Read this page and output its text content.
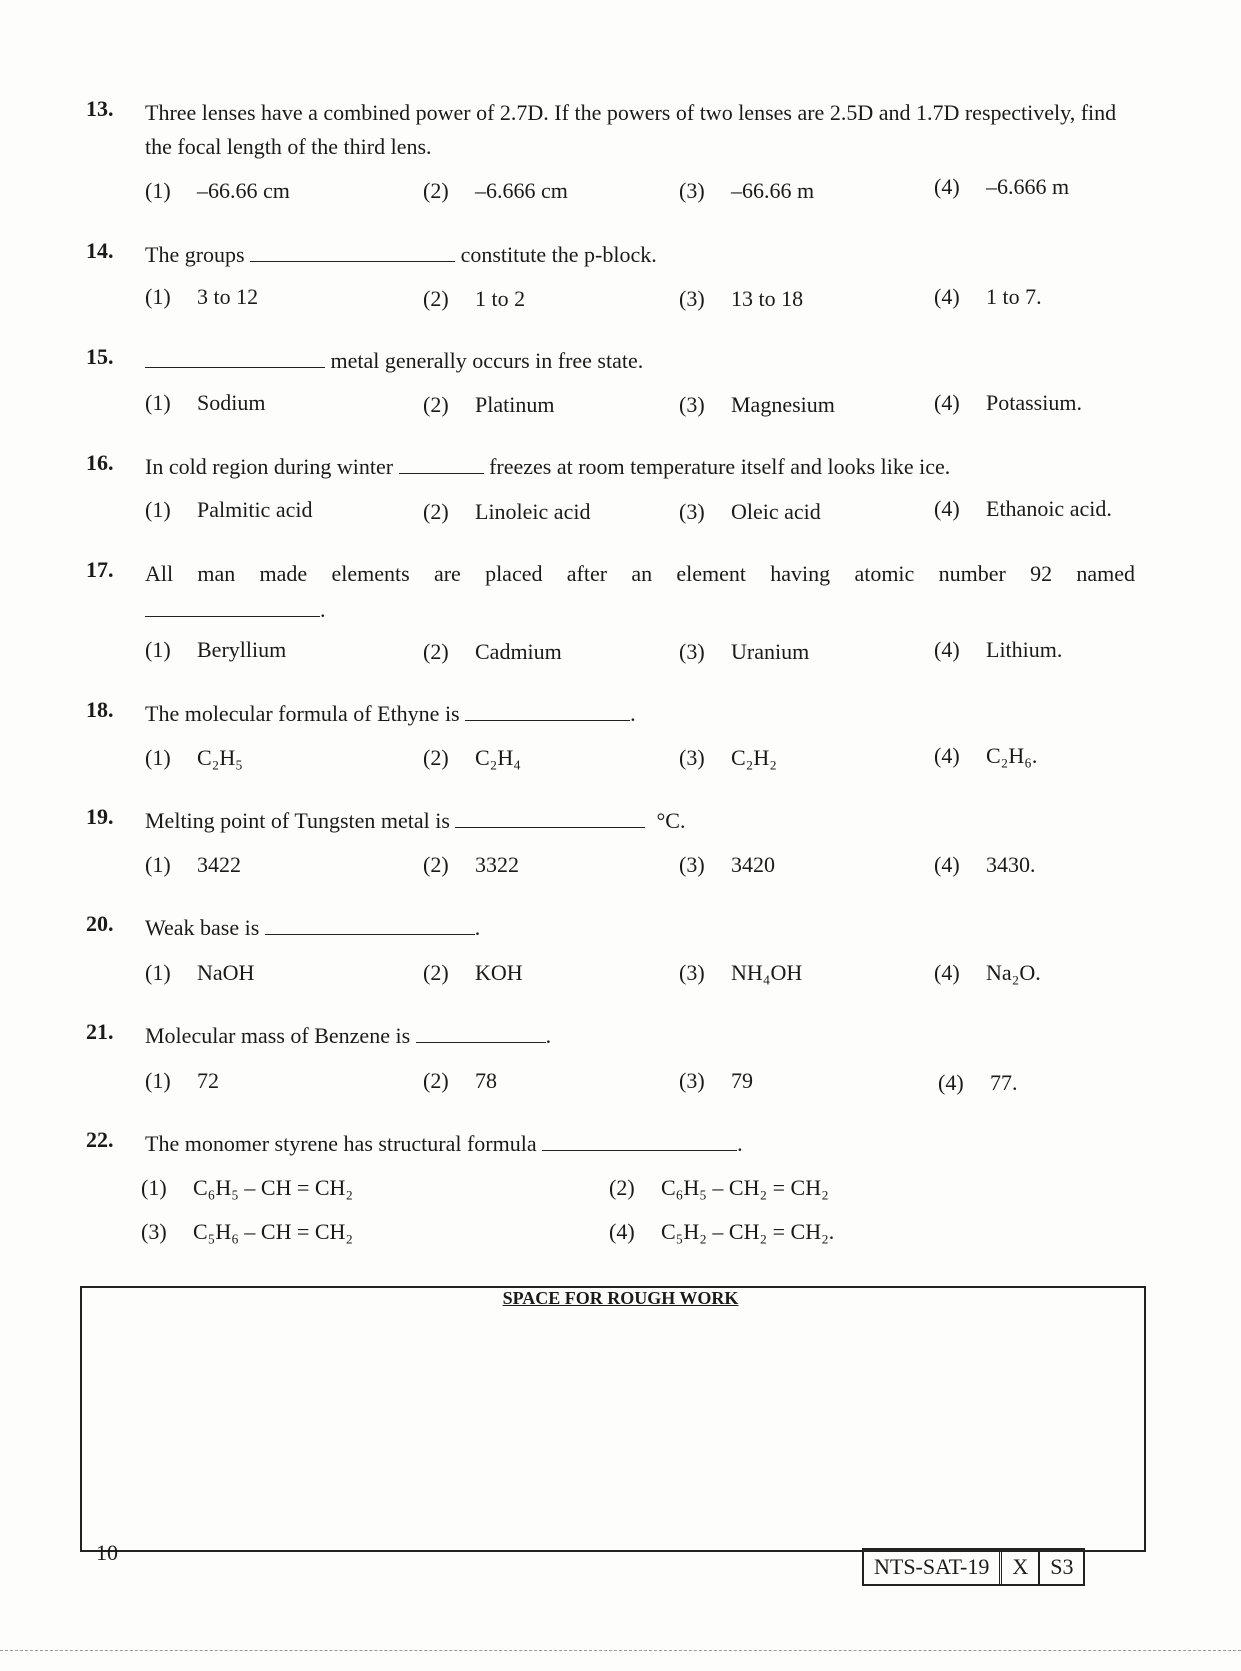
13. Three lenses have a combined power of 2.7D. If the powers of two lenses are 2.5D and 1.7D respectively, find the focal length of the third lens.
(1) –66.66 cm	(2) –6.666 cm	(3) –66.66 m	(4) –6.666 m
14. The groups	constitute the p-block.
(1) 3 to 12	(2) 1 to 2	(3) 13 to 18	(4) 1 to 7.
15.	metal generally occurs in free state.
(1) Sodium	(2) Platinum	(3) Magnesium	(4) Potassium.
16. In cold region during winter	freezes at room temperature itself and looks like ice.
(1) Palmitic acid	(2) Linoleic acid	(3) Oleic acid	(4) Ethanoic acid.
17. All man made elements are placed after an element having atomic number 92 named
.
(1) Beryllium	(2) Cadmium	(3) Uranium	(4) Lithium.
18. The molecular formula of Ethyne is	.
(1) C₂H₅	(2) C₂H₄	(3) C₂H₂	(4) C₂H₆.
19. Melting point of Tungsten metal is	°C.
(1) 3422	(2) 3322	(3) 3420	(4) 3430.
20. Weak base is	.
(1) NaOH	(2) KOH	(3) NH₄OH	(4) Na₂O.
21. Molecular mass of Benzene is	.
(1) 72	(2) 78	(3) 79	(4) 77.
22. The monomer styrene has structural formula	.
(1) C₆H₅ – CH = CH₂	(2) C₆H₅ – CH₂ = CH₂
(3) C₅H₆ – CH = CH₂	(4) C₅H₂ – CH₂ = CH₂.
SPACE FOR ROUGH WORK
10
NTS-SAT-19	X	S3
